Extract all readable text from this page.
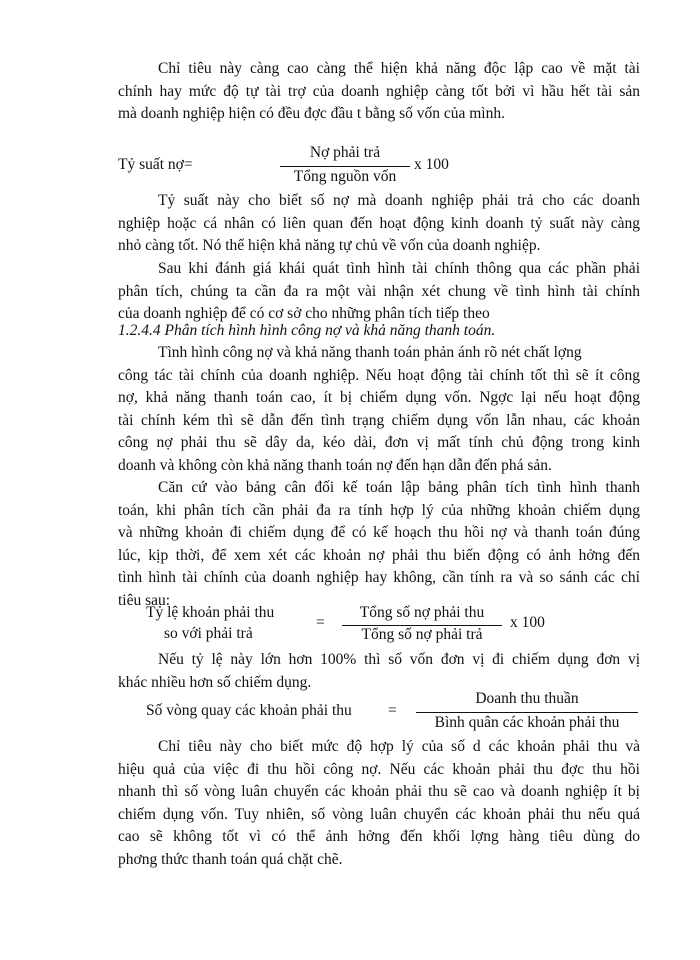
Chỉ tiêu này càng cao càng thể hiện khả năng độc lập cao về mặt tài
chính hay mức độ tự tài trợ của doanh nghiệp càng tốt bởi vì hầu hết tài sản
mà doanh nghiệp hiện có đều đợc đầu t bằng số vốn của mình.
Tỷ suất nợ=
Nợ phải trả
Tổng nguồn vốn
x 100
Tỷ suất này cho biết số nợ mà doanh nghiệp phải trả cho các doanh
nghiệp hoặc cá nhân có liên quan đến hoạt động kinh doanh tỷ suất này càng
nhỏ càng tốt. Nó thể hiện khả năng tự chủ về vốn của doanh nghiệp.
Sau khi đánh giá khái quát tình hình tài chính thông qua các phần phải
phân tích, chúng ta cần đa ra một vài nhận xét chung về tình hình tài chính
của doanh nghiệp để có cơ sở cho những phân tích tiếp theo
1.2.4.4 Phân tích hình hình công nợ và khả năng thanh toán.
Tình hình công nợ và khả năng thanh toán phản ánh rõ nét chất lợng
công tác tài chính của doanh nghiệp. Nếu hoạt động tài chính tốt thì sẽ ít công
nợ, khả năng thanh toán cao, ít bị chiếm dụng vốn. Ngợc lại nếu hoạt động
tài chính kém thì sẽ dẫn đến tình trạng chiếm dụng vốn lẫn nhau, các khoản
công nợ phải thu sẽ dây da, kéo dài, đơn vị mất tính chủ động trong kinh
doanh và không còn khả năng thanh toán nợ đến hạn dẫn đến phá sản.
Căn cứ vào bảng cân đối kế toán lập bảng phân tích tình hình thanh
toán, khi phân tích cần phải đa ra tính hợp lý của những khoản chiếm dụng
và những khoản đi chiếm dụng để có kế hoạch thu hồi nợ và thanh toán đúng
lúc, kịp thời, để xem xét các khoản nợ phải thu biến động có ảnh hởng đến
tình hình tài chính của doanh nghiệp hay không, cần tính ra và so sánh các chỉ
tiêu sau:
Tỷ lệ khoản phải thu
so với phải trả
=
Tổng số nợ phải thu
Tổng số nợ phải trả
x 100
Nếu tỷ lệ này lớn hơn 100% thì số vốn đơn vị đi chiếm dụng đơn vị
khác nhiều hơn số chiếm dụng.
Số vòng quay các khoản phải thu =
Doanh thu thuần
Bình quân các khoản phải thu
Chỉ tiêu này cho biết mức độ hợp lý của số d các khoản phải thu và
hiệu quả của việc đi thu hồi công nợ. Nếu các khoản phải thu đợc thu hồi
nhanh thì số vòng luân chuyển các khoản phải thu sẽ cao và doanh nghiệp ít bị
chiếm dụng vốn. Tuy nhiên, số vòng luân chuyển các khoản phải thu nếu quá
cao sẽ không tốt vì có thể ảnh hởng đến khối lợng hàng tiêu dùng do
phơng thức thanh toán quá chặt chẽ.
